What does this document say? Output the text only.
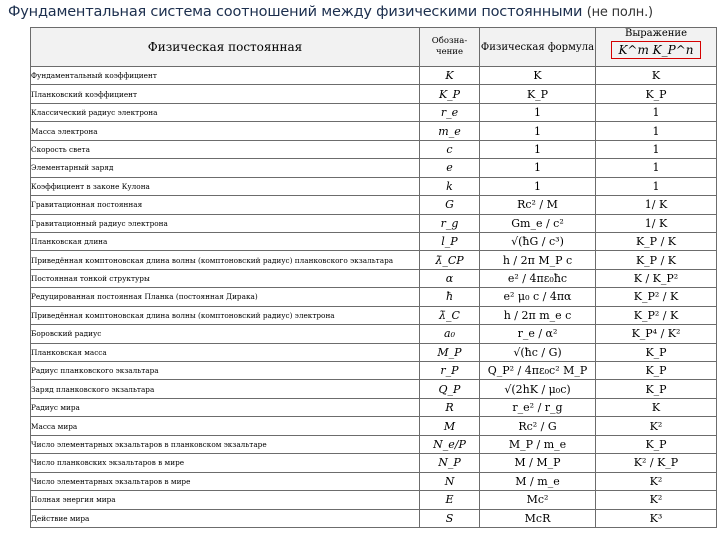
Фундаментальная система соотношений между физическими постоянными (не полн.)
Физическая постоянная	Обозна-чение	Физическая формула	Выражение
K^m K_P^n
Фундаментальный коэффициент	K	K	K
Планковский коэффициент	K_P	K_P	K_P
Классический радиус электрона	r_e	1	1
Масса электрона	m_e	1	1
Скорость света	c	1	1
Элементарный заряд	e	1	1
Коэффициент в законе Кулона	k	1	1
Гравитационная постоянная	G	Rc² / M	1/ K
Гравитационный радиус электрона	r_g	Gm_e / c²	1/ K
Планковская длина	l_P	√(ħG / c³)	K_P / K
Приведённая комптоновская длина волны (комптоновский радиус) планковского экзальтара	λ̄_CP	h / 2π M_P c	K_P / K
Постоянная тонкой структуры	α	e² / 4πε₀ħc	K / K_P²
Редуцированная постоянная Планка (постоянная Дирака)	ħ	e² μ₀ c / 4πα	K_P² / K
Приведённая комптоновская длина волны (комптоновский радиус) электрона	λ̄_C	h / 2π m_e c	K_P² / K
Боровский радиус	a₀	r_e / α²	K_P⁴ / K²
Планковская масса	M_P	√(ħc / G)	K_P
Радиус планковского экзальтара	r_P	Q_P² / 4πε₀c² M_P	K_P
Заряд планковского экзальтара	Q_P	√(2hK / μ₀c)	K_P
Радиус мира	R	r_e² / r_g	K
Масса мира	M	Rc² / G	K²
Число элементарных экзальтаров в планковском экзальтаре	N_e/P	M_P / m_e	K_P
Число планковских экзальтаров в мире	N_P	M / M_P	K² / K_P
Число элементарных экзальтаров в мире	N	M / m_e	K²
Полная энергия мира	E	Mc²	K²
Действие мира	S	McR	K³
